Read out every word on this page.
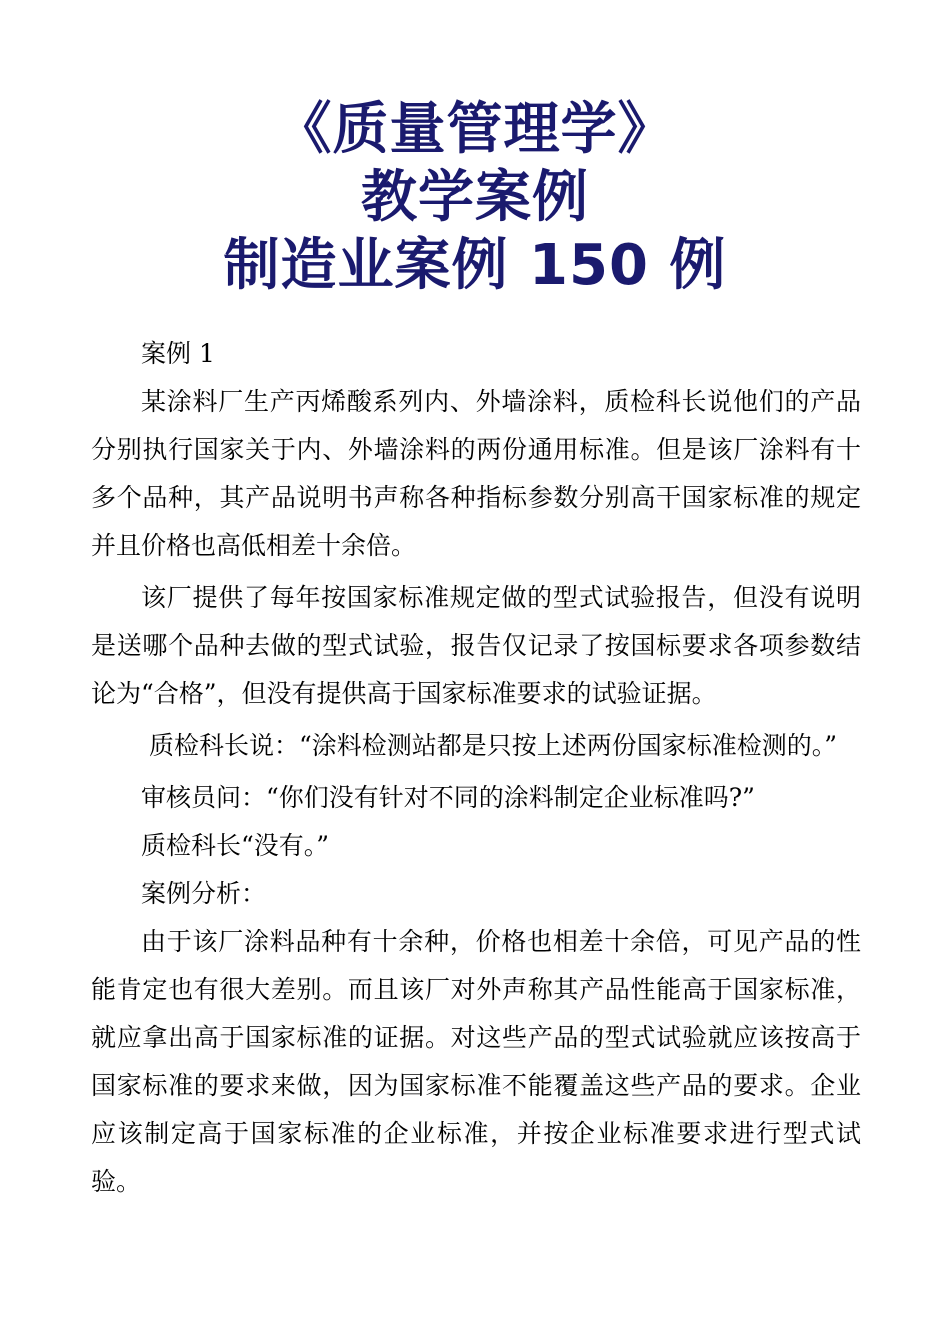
《质量管理学》
教学案例
制造业案例 150 例

案例 1

某涂料厂生产丙烯酸系列内、外墙涂料，质检科长说他们的产品分别执行国家关于内、外墙涂料的两份通用标准。但是该厂涂料有十多个品种，其产品说明书声称各种指标参数分别高干国家标准的规定并且价格也高低相差十余倍。

该厂提供了每年按国家标准规定做的型式试验报告，但没有说明是送哪个品种去做的型式试验，报告仅记录了按国标要求各项参数结论为“合格”，但没有提供高于国家标准要求的试验证据。

质检科长说：“涂料检测站都是只按上述两份国家标准检测的。”

审核员问：“你们没有针对不同的涂料制定企业标准吗?”

质检科长“没有。”

案例分析：

由于该厂涂料品种有十余种，价格也相差十余倍，可见产品的性能肯定也有很大差别。而且该厂对外声称其产品性能高于国家标准，就应拿出高于国家标准的证据。对这些产品的型式试验就应该按高于国家标准的要求来做，因为国家标准不能覆盖这些产品的要求。企业应该制定高于国家标准的企业标准，并按企业标准要求进行型式试验。
